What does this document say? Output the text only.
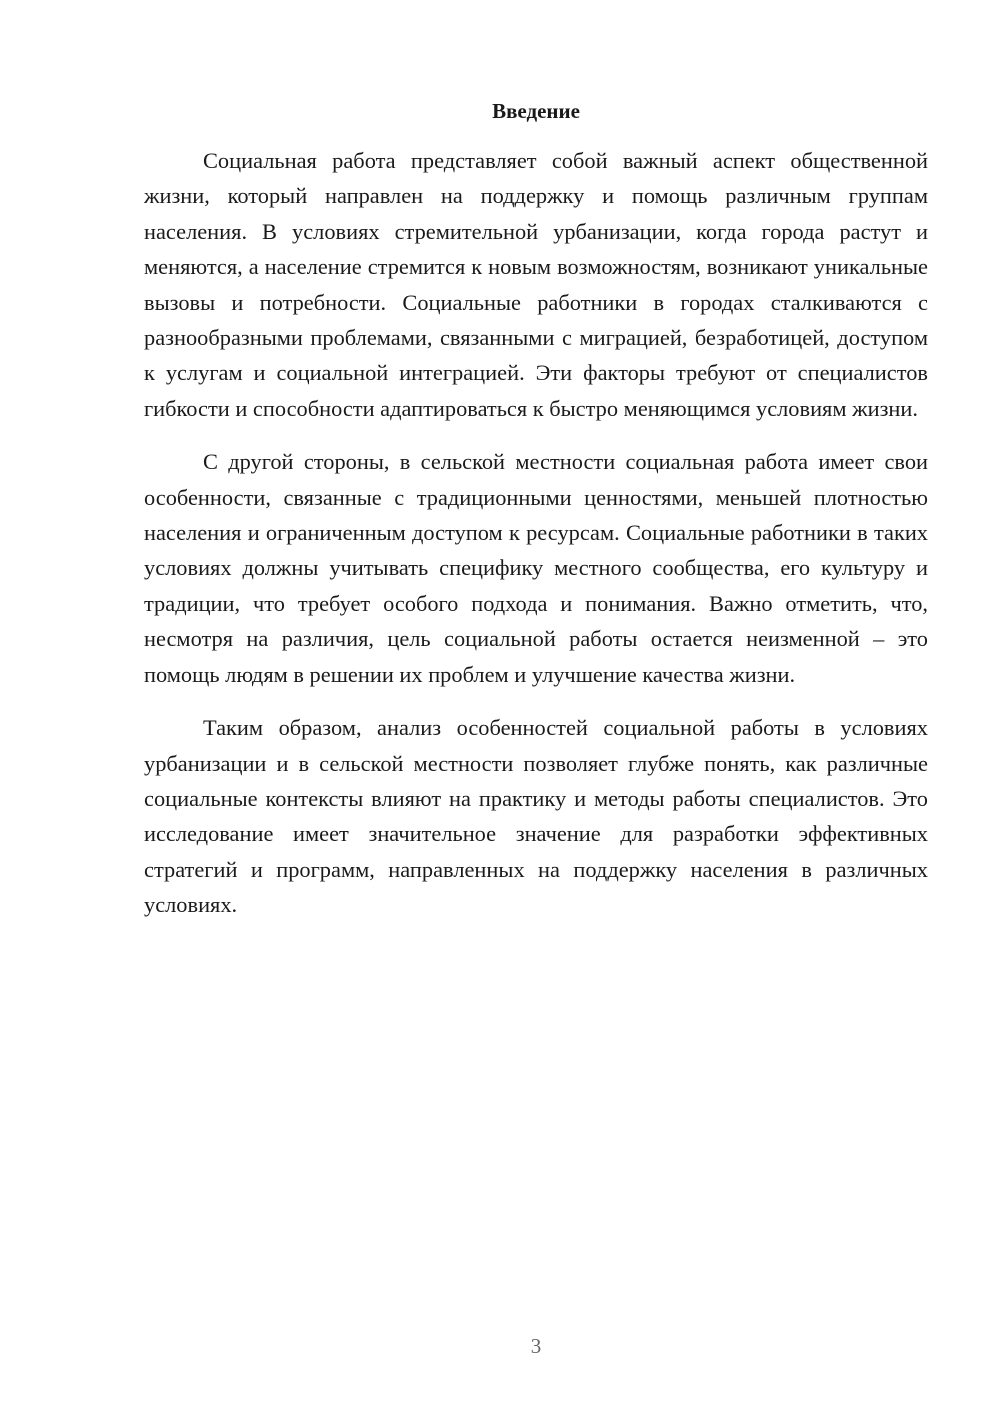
Введение

Социальная работа представляет собой важный аспект общественной жизни, который направлен на поддержку и помощь различным группам населения. В условиях стремительной урбанизации, когда города растут и меняются, а население стремится к новым возможностям, возникают уникальные вызовы и потребности. Социальные работники в городах сталкиваются с разнообразными проблемами, связанными с миграцией, безработицей, доступом к услугам и социальной интеграцией. Эти факторы требуют от специалистов гибкости и способности адаптироваться к быстро меняющимся условиям жизни.

С другой стороны, в сельской местности социальная работа имеет свои особенности, связанные с традиционными ценностями, меньшей плотностью населения и ограниченным доступом к ресурсам. Социальные работники в таких условиях должны учитывать специфику местного сообщества, его культуру и традиции, что требует особого подхода и понимания. Важно отметить, что, несмотря на различия, цель социальной работы остается неизменной – это помощь людям в решении их проблем и улучшение качества жизни.

Таким образом, анализ особенностей социальной работы в условиях урбанизации и в сельской местности позволяет глубже понять, как различные социальные контексты влияют на практику и методы работы специалистов. Это исследование имеет значительное значение для разработки эффективных стратегий и программ, направленных на поддержку населения в различных условиях.

3
